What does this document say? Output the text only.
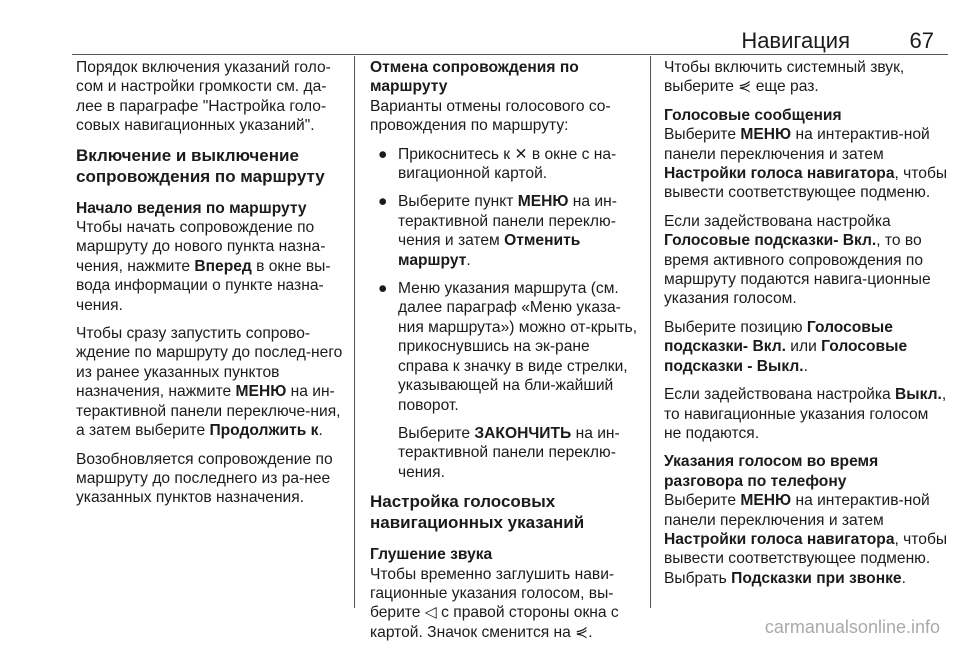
Навигация	67

Порядок включения указаний голо-сом и настройки громкости см. да-лее в параграфе "Настройка голо-совых навигационных указаний".

Включение и выключение сопровождения по маршруту
Начало ведения по маршруту

Чтобы начать сопровождение по маршруту до нового пункта назна-чения, нажмите Вперед в окне вы-вода информации о пункте назна-чения.

Чтобы сразу запустить сопрово-ждение по маршруту до послед-него из ранее указанных пунктов назначения, нажмите МЕНЮ на ин-терактивной панели переключе-ния, а затем выберите Продолжить к.

Возобновляется сопровождение по маршруту до последнего из ра-нее указанных пунктов назначения.

Отмена сопровождения по маршруту

Варианты отмены голосового со-провождения по маршруту:

● Прикоснитесь к ✕ в окне с на-вигационной картой.
● Выберите пункт МЕНЮ на ин-терактивной панели переклю-чения и затем Отменить маршрут.
● Меню указания маршрута (см. далее параграф «Меню указа-ния маршрута») можно от-крыть, прикоснувшись на эк-ране справа к значку в виде стрелки, указывающей на бли-жайший поворот.

Выберите ЗАКОНЧИТЬ на ин-терактивной панели переклю-чения.

Настройка голосовых навигационных указаний
Глушение звука

Чтобы временно заглушить нави-гационные указания голосом, вы-берите ◁ с правой стороны окна с картой. Значок сменится на ⋞.

Чтобы включить системный звук, выберите ⋞ еще раз.

Голосовые сообщения

Выберите МЕНЮ на интерактив-ной панели переключения и затем Настройки голоса навигатора, чтобы вывести соответствующее подменю.

Если задействована настройка Голосовые подсказки- Вкл., то во время активного сопровождения по маршруту подаются навига-ционные указания голосом.

Выберите позицию Голосовые подсказки- Вкл. или Голосовые подсказки - Выкл..

Если задействована настройка Выкл., то навигационные указания голосом не подаются.

Указания голосом во время разговора по телефону

Выберите МЕНЮ на интерактив-ной панели переключения и затем Настройки голоса навигатора, чтобы вывести соответствующее подменю. Выбрать Подсказки при звонке.

carmanualsonline.info
